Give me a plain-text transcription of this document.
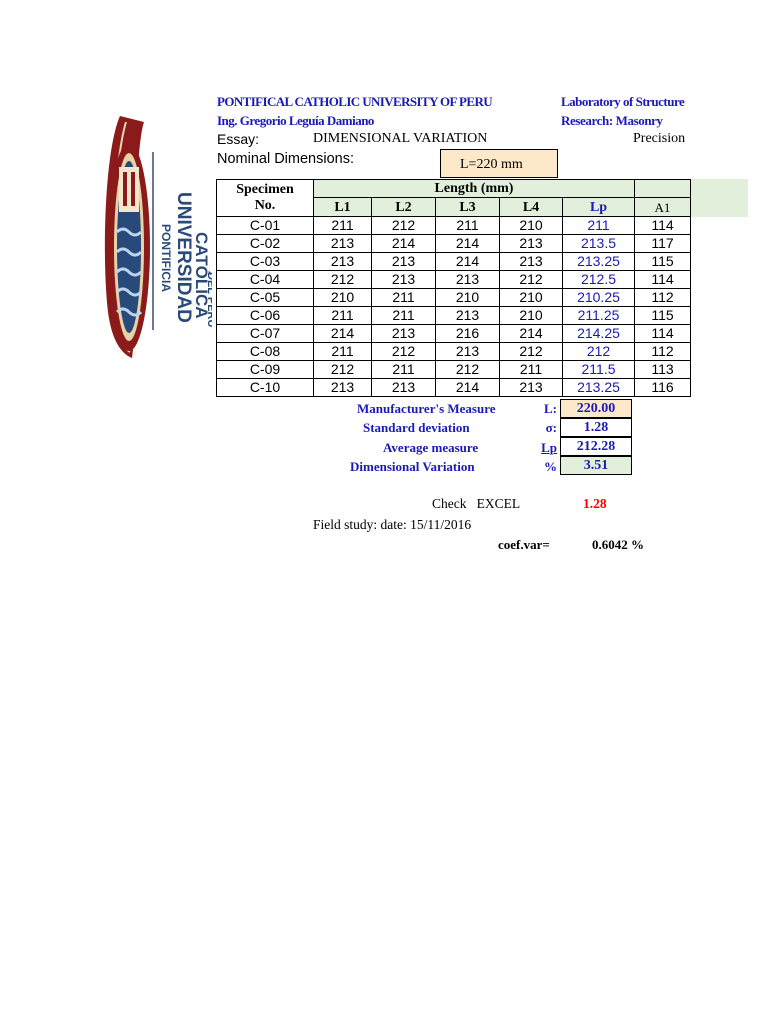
PONTIFICIA UNIVERSIDAD
CATÓLICA
DEL PERÚ
PONTIFICAL CATHOLIC UNIVERSITY OF PERU
Ing. Gregorio Leguía Damiano
Laboratory of Structure
Research: Masonry
Essay:	DIMENSIONAL VARIATION	Precision
Nominal Dimensions:	L=220 mm
Specimen No.	Length (mm)					
	L1	L2	L3	L4	Lp	A1
C-01	211	212	211	210	211	114
C-02	213	214	214	213	213.5	117
C-03	213	213	214	213	213.25	115
C-04	212	213	213	212	212.5	114
C-05	210	211	210	210	210.25	112
C-06	211	211	213	210	211.25	115
C-07	214	213	216	214	214.25	114
C-08	211	212	213	212	212	112
C-09	212	211	212	211	211.5	113
C-10	213	213	214	213	213.25	116
Manufacturer's Measure	L:	220.00
Standard deviation	σ:	1.28
Average measure	Lp	212.28
Dimensional Variation	%	3.51
Check   EXCEL	1.28
Field study: date: 15/11/2016
coef.var=	0.6042 %
